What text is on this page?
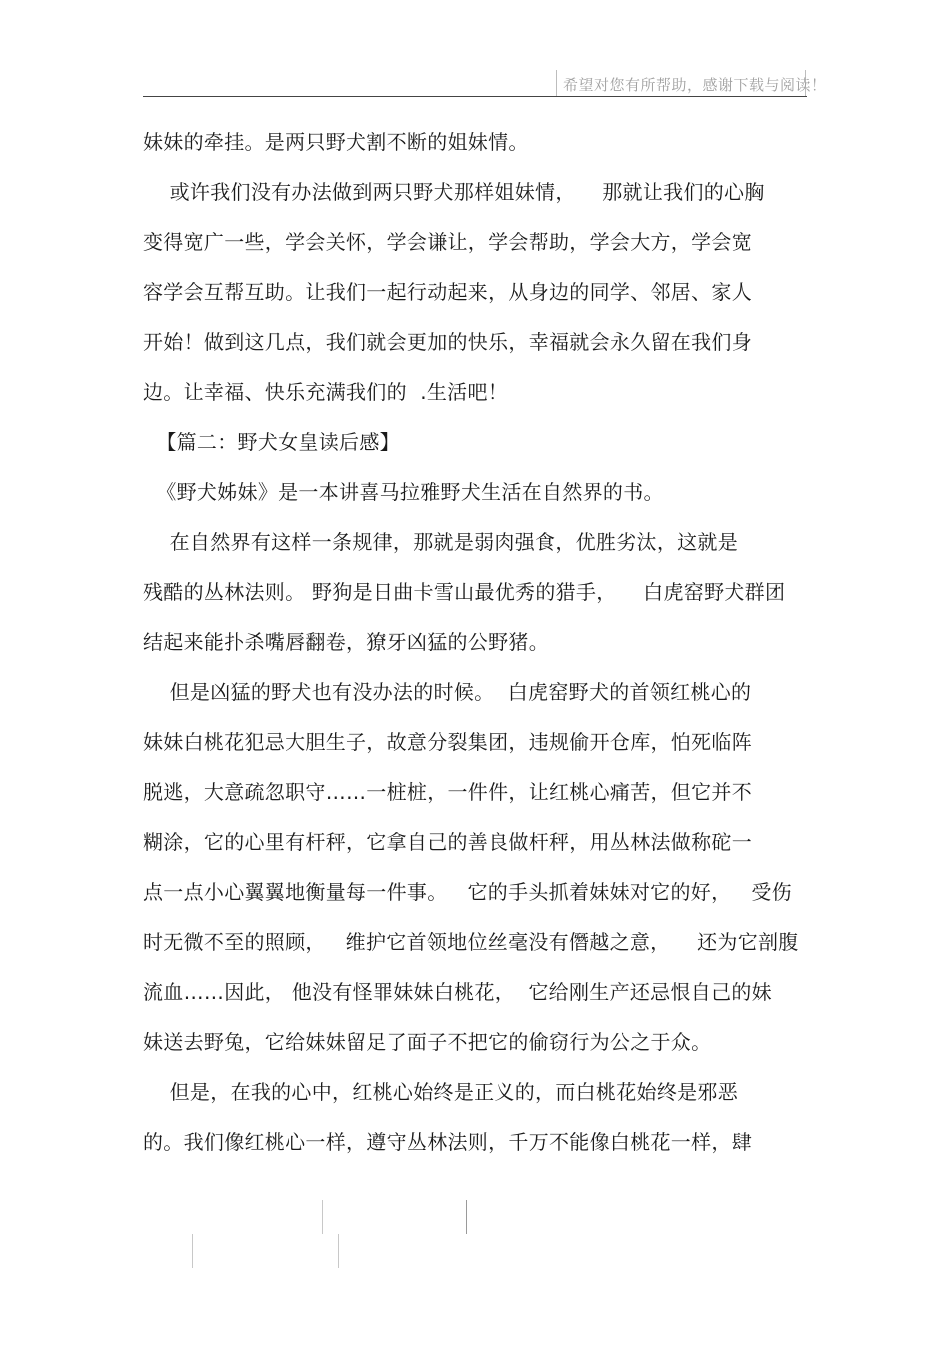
希望对您有所帮助，感谢下载与阅读！
妹妹的牵挂。是两只野犬割不断的姐妹情。
或许我们没有办法做到两只野犬那样姐妹情，    那就让我们的心胸
变得宽广一些，学会关怀，学会谦让，学会帮助，学会大方，学会宽
容学会互帮互助。让我们一起行动起来，从身边的同学、邻居、家人
开始！做到这几点，我们就会更加的快乐，幸福就会永久留在我们身
边。让幸福、快乐充满我们的  .生活吧！
【篇二：野犬女皇读后感】
《野犬姊妹》是一本讲喜马拉雅野犬生活在自然界的书。
在自然界有这样一条规律，那就是弱肉强食，优胜劣汰，这就是
残酷的丛林法则。 野狗是日曲卡雪山最优秀的猎手，    白虎窑野犬群团
结起来能扑杀嘴唇翻卷，獠牙凶猛的公野猪。
但是凶猛的野犬也有没办法的时候。  白虎窑野犬的首领红桃心的
妹妹白桃花犯忌大胆生子，故意分裂集团，违规偷开仓库，怕死临阵
脱逃，大意疏忽职守……一桩桩，一件件，让红桃心痛苦，但它并不
糊涂，它的心里有杆秤，它拿自己的善良做杆秤，用丛林法做称砣一
点一点小心翼翼地衡量每一件事。   它的手头抓着妹妹对它的好，   受伤
时无微不至的照顾，   维护它首领地位丝毫没有僭越之意，    还为它剖腹
流血……因此， 他没有怪罪妹妹白桃花，  它给刚生产还忌恨自己的妹
妹送去野兔，它给妹妹留足了面子不把它的偷窃行为公之于众。
但是，在我的心中，红桃心始终是正义的，而白桃花始终是邪恶
的。我们像红桃心一样，遵守丛林法则，千万不能像白桃花一样，肆
